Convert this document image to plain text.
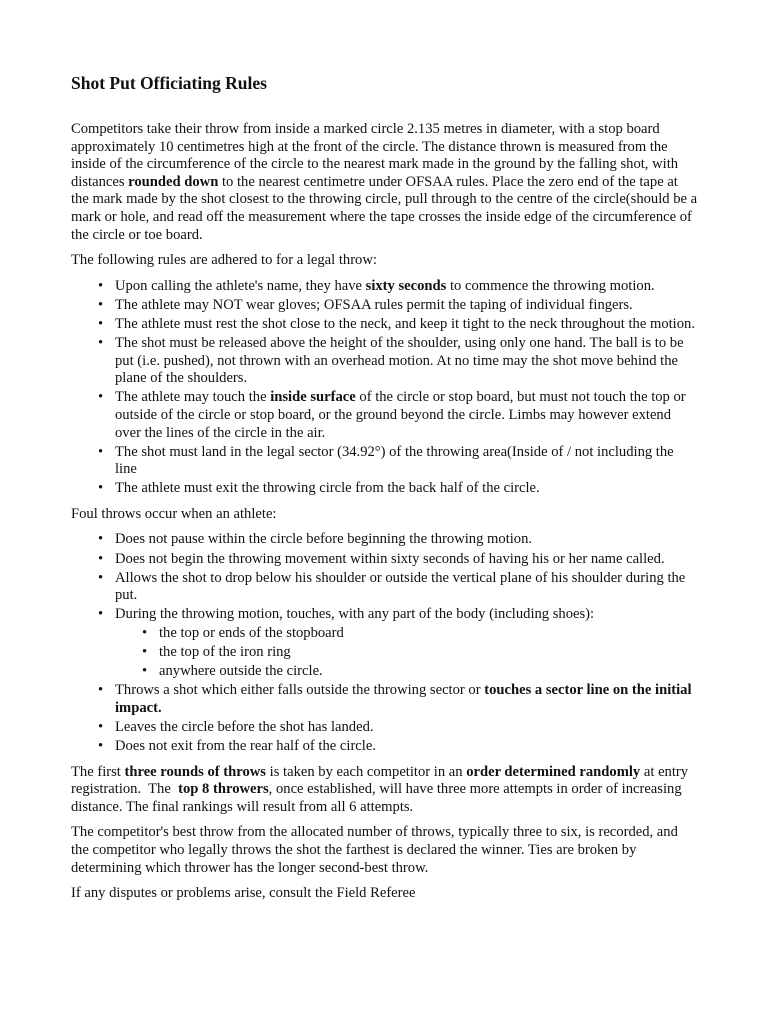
Shot Put Officiating Rules

Competitors take their throw from inside a marked circle 2.135 metres in diameter, with a stop board approximately 10 centimetres high at the front of the circle. The distance thrown is measured from the inside of the circumference of the circle to the nearest mark made in the ground by the falling shot, with distances rounded down to the nearest centimetre under OFSAA rules. Place the zero end of the tape at the mark made by the shot closest to the throwing circle, pull through to the centre of the circle(should be a mark or hole, and read off the measurement where the tape crosses the inside edge of the circumference of the circle or toe board.

The following rules are adhered to for a legal throw:

• Upon calling the athlete's name, they have sixty seconds to commence the throwing motion.
• The athlete may NOT wear gloves; OFSAA rules permit the taping of individual fingers.
• The athlete must rest the shot close to the neck, and keep it tight to the neck throughout the motion.
• The shot must be released above the height of the shoulder, using only one hand. The ball is to be put (i.e. pushed), not thrown with an overhead motion. At no time may the shot move behind the plane of the shoulders.
• The athlete may touch the inside surface of the circle or stop board, but must not touch the top or outside of the circle or stop board, or the ground beyond the circle. Limbs may however extend over the lines of the circle in the air.
• The shot must land in the legal sector (34.92°) of the throwing area(Inside of / not including the line
• The athlete must exit the throwing circle from the back half of the circle.

Foul throws occur when an athlete:

• Does not pause within the circle before beginning the throwing motion.
• Does not begin the throwing movement within sixty seconds of having his or her name called.
• Allows the shot to drop below his shoulder or outside the vertical plane of his shoulder during the put.
• During the throwing motion, touches, with any part of the body (including shoes):
• the top or ends of the stopboard
• the top of the iron ring
• anywhere outside the circle.
• Throws a shot which either falls outside the throwing sector or touches a sector line on the initial impact.
• Leaves the circle before the shot has landed.
• Does not exit from the rear half of the circle.

The first three rounds of throws is taken by each competitor in an order determined randomly at entry registration.  The  top 8 throwers, once established, will have three more attempts in order of increasing distance. The final rankings will result from all 6 attempts.

The competitor's best throw from the allocated number of throws, typically three to six, is recorded, and the competitor who legally throws the shot the farthest is declared the winner. Ties are broken by determining which thrower has the longer second-best throw.

If any disputes or problems arise, consult the Field Referee
